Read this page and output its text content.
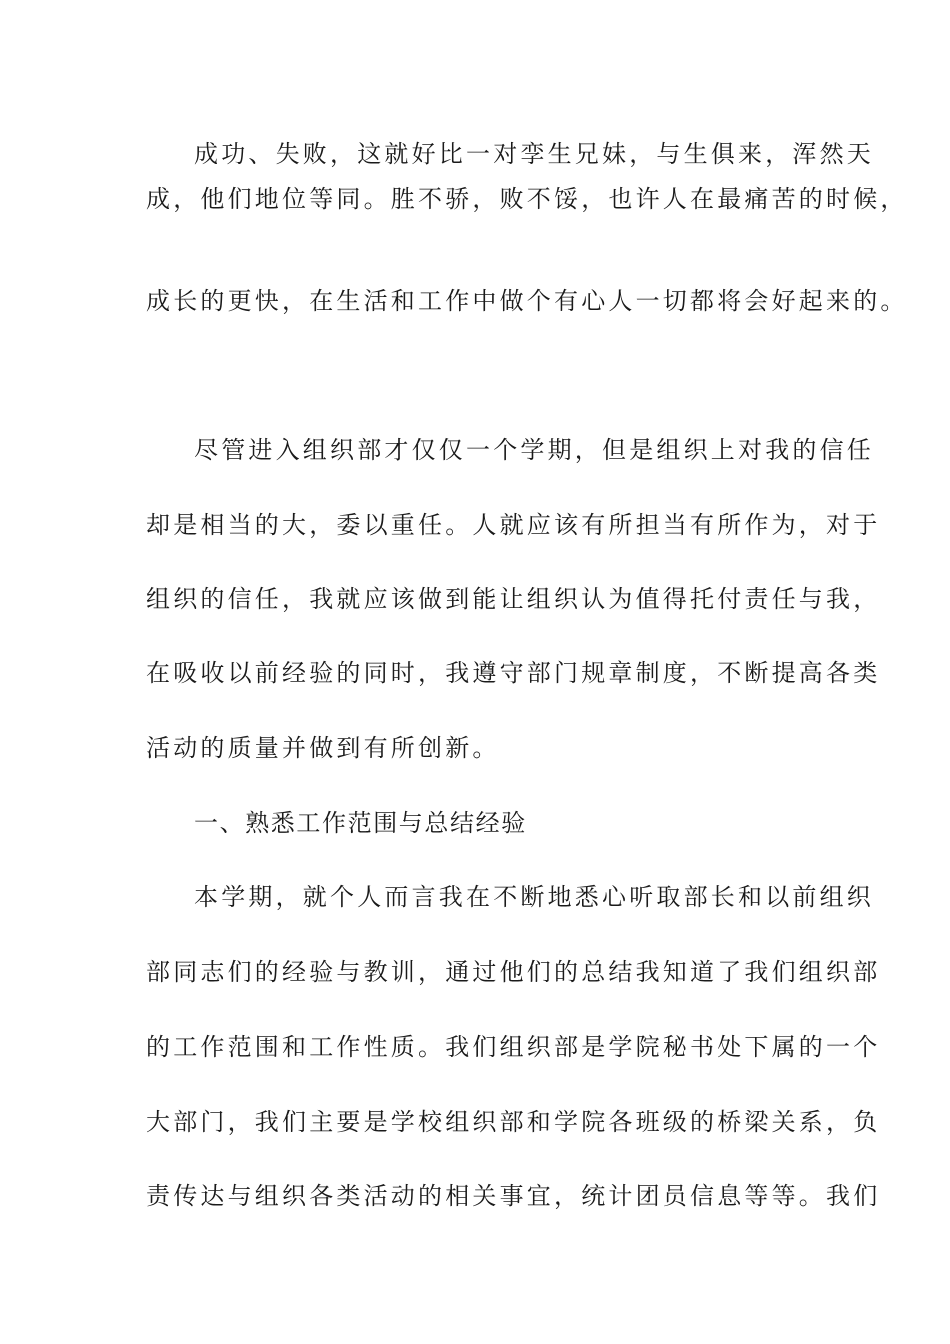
成功、失败，这就好比一对孪生兄妹，与生俱来，浑然天
成，他们地位等同。胜不骄，败不馁，也许人在最痛苦的时候，
成长的更快，在生活和工作中做个有心人一切都将会好起来的。
尽管进入组织部才仅仅一个学期，但是组织上对我的信任
却是相当的大，委以重任。人就应该有所担当有所作为，对于
组织的信任，我就应该做到能让组织认为值得托付责任与我，
在吸收以前经验的同时，我遵守部门规章制度，不断提高各类
活动的质量并做到有所创新。
一、熟悉工作范围与总结经验
本学期，就个人而言我在不断地悉心听取部长和以前组织
部同志们的经验与教训，通过他们的总结我知道了我们组织部
的工作范围和工作性质。我们组织部是学院秘书处下属的一个
大部门，我们主要是学校组织部和学院各班级的桥梁关系，负
责传达与组织各类活动的相关事宜，统计团员信息等等。我们
